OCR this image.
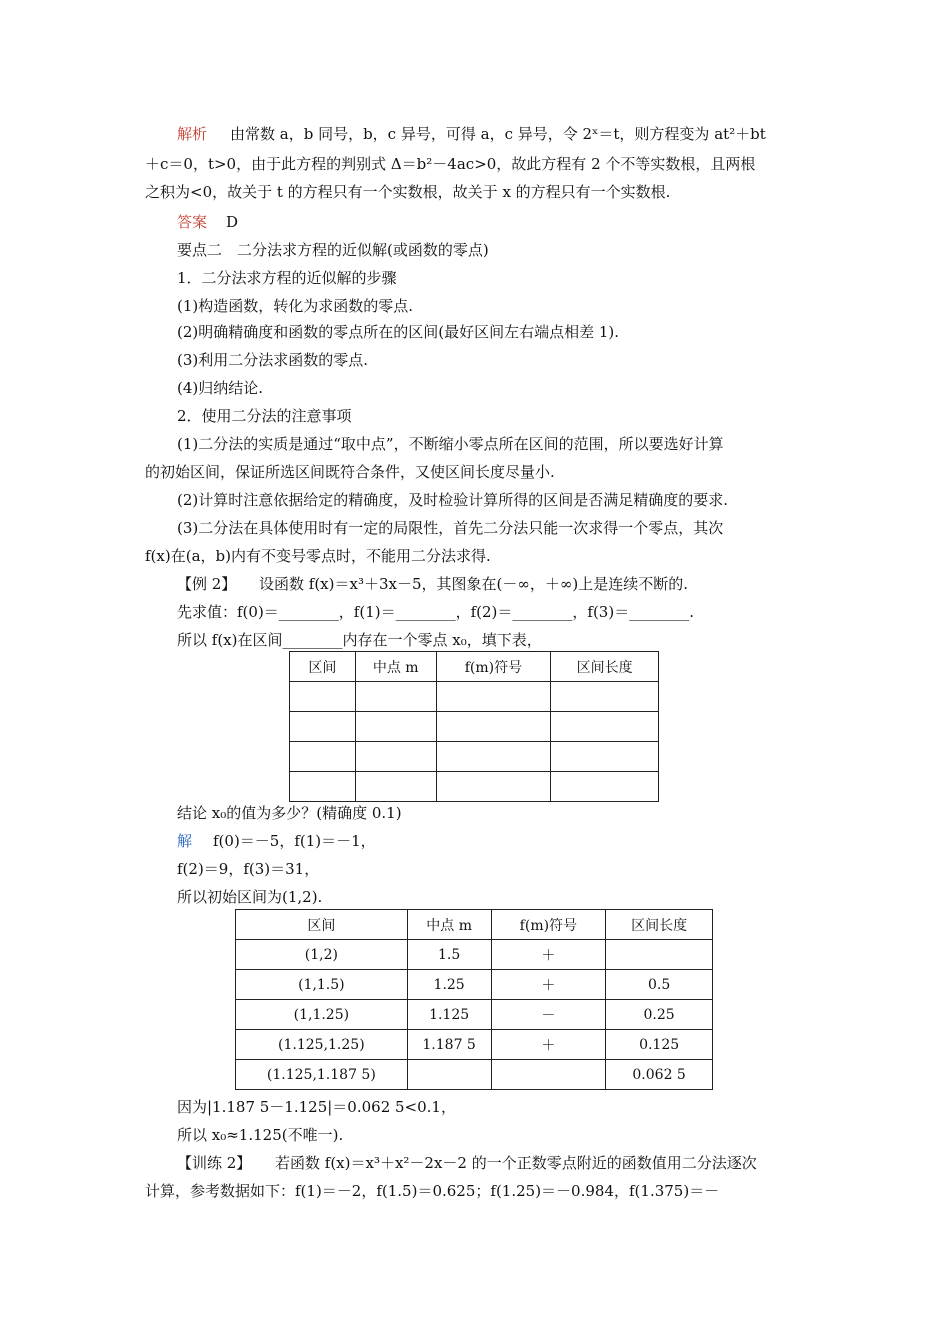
解析 由常数 a，b 同号，b，c 异号，可得 a，c 异号，令 2ˣ＝t，则方程变为 at²＋bt
＋c＝0，t>0，由于此方程的判别式 Δ＝b²－4ac>0，故此方程有 2 个不等实数根，且两根
之积为<0，故关于 t 的方程只有一个实数根，故关于 x 的方程只有一个实数根.
答案 D
要点二　二分法求方程的近似解(或函数的零点)
1．二分法求方程的近似解的步骤
(1)构造函数，转化为求函数的零点.
(2)明确精确度和函数的零点所在的区间(最好区间左右端点相差 1).
(3)利用二分法求函数的零点.
(4)归纳结论.
2．使用二分法的注意事项
(1)二分法的实质是通过“取中点”，不断缩小零点所在区间的范围，所以要选好计算
的初始区间，保证所选区间既符合条件，又使区间长度尽量小.
(2)计算时注意依据给定的精确度，及时检验计算所得的区间是否满足精确度的要求.
(3)二分法在具体使用时有一定的局限性，首先二分法只能一次求得一个零点，其次
f(x)在(a，b)内有不变号零点时，不能用二分法求得.
【例 2】 设函数 f(x)＝x³＋3x－5，其图象在(－∞，＋∞)上是连续不断的.
先求值：f(0)＝________，f(1)＝________，f(2)＝________，f(3)＝________.
所以 f(x)在区间________内存在一个零点 x₀，填下表，
区间	中点 m	f(m)符号	区间长度

结论 x₀的值为多少？(精确度 0.1)
解 f(0)＝－5，f(1)＝－1，
f(2)＝9，f(3)＝31，
所以初始区间为(1,2).
区间	中点 m	f(m)符号	区间长度
(1,2)	1.5	＋	
(1,1.5)	1.25	＋	0.5
(1,1.25)	1.125	－	0.25
(1.125,1.25)	1.187 5	＋	0.125
(1.125,1.187 5)			0.062 5
因为|1.187 5－1.125|＝0.062 5<0.1，
所以 x₀≈1.125(不唯一).
【训练 2】 若函数 f(x)＝x³＋x²－2x－2 的一个正数零点附近的函数值用二分法逐次
计算，参考数据如下：f(1)＝－2，f(1.5)＝0.625；f(1.25)＝－0.984，f(1.375)＝－
